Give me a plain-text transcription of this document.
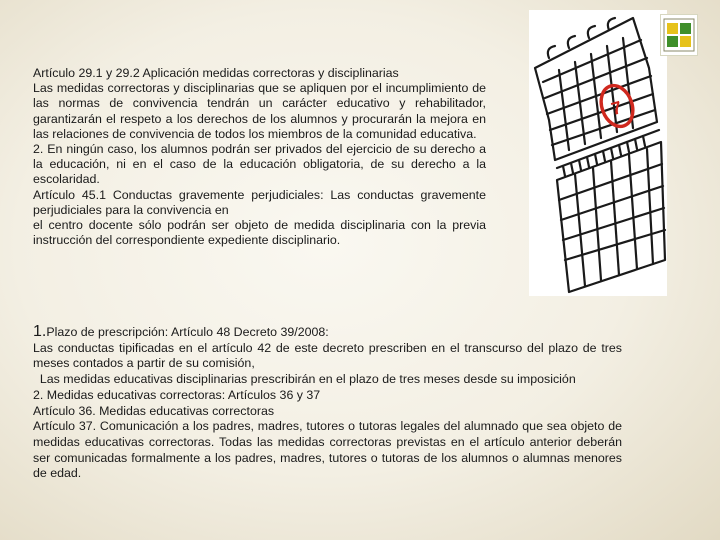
Artículo 29.1 y 29.2 Aplicación medidas correctoras y disciplinarias

Las medidas correctoras y disciplinarias que se apliquen por el incumplimiento de las normas de convivencia tendrán un carácter educativo y rehabilitador, garantizarán el respeto a los derechos de los alumnos y procurarán la mejora en las relaciones de convivencia de todos los miembros de la comunidad educativa.

2. En ningún caso, los alumnos podrán ser privados del ejercicio de su derecho a la educación, ni en el caso de la educación obligatoria, de su derecho a la escolaridad.

Artículo 45.1 Conductas gravemente perjudiciales: Las conductas gravemente perjudiciales para la convivencia en

el centro docente sólo podrán ser objeto de medida disciplinaria con la previa instrucción del correspondiente expediente disciplinario.

7

1.Plazo de prescripción: Artículo 48 Decreto 39/2008:

Las conductas tipificadas en el artículo 42 de este decreto prescriben en el transcurso del plazo de tres meses contados a partir de su comisión,

Las medidas educativas disciplinarias prescribirán en el plazo de tres meses desde su imposición

2. Medidas educativas correctoras: Artículos 36 y 37

Artículo 36. Medidas educativas correctoras

Artículo 37. Comunicación a los padres, madres, tutores o tutoras legales del alumnado que sea objeto de medidas educativas correctoras. Todas las medidas correctoras previstas en el artículo anterior deberán ser comunicadas formalmente a los padres, madres, tutores o tutoras de los alumnos o alumnas menores de edad.
